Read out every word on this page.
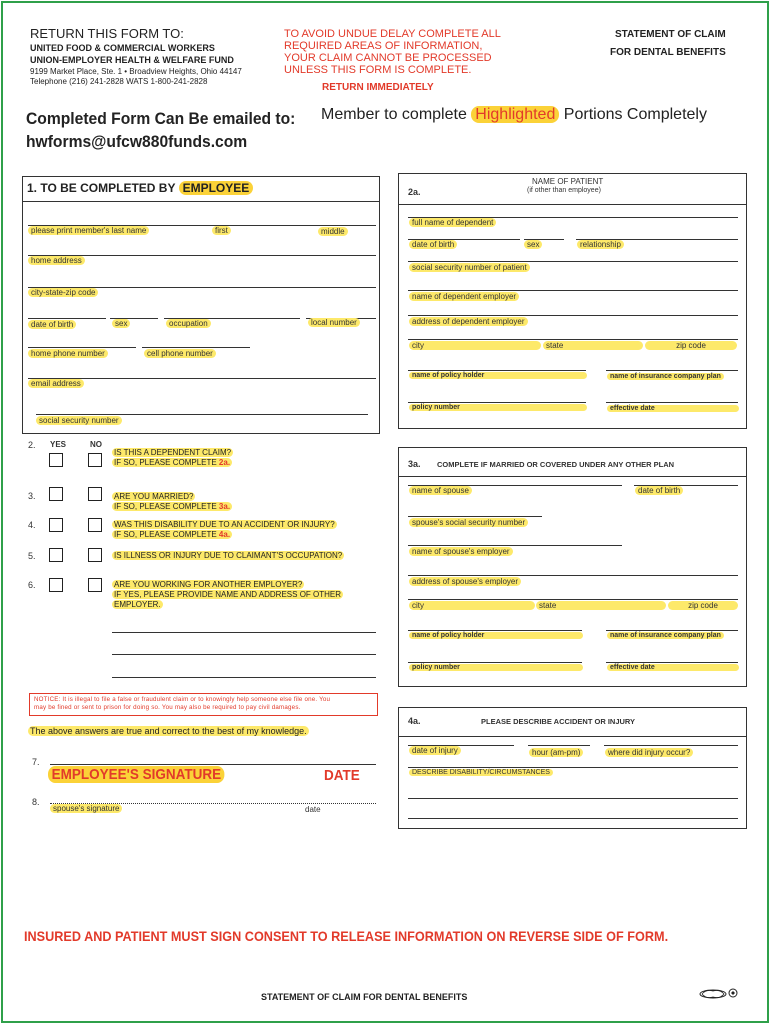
RETURN THIS FORM TO:
UNITED FOOD & COMMERCIAL WORKERS
UNION-EMPLOYER HEALTH & WELFARE FUND
9199 Market Place, Ste. 1 • Broadview Heights, Ohio 44147
Telephone (216) 241-2828 WATS 1-800-241-2828
TO AVOID UNDUE DELAY COMPLETE ALL
REQUIRED AREAS OF INFORMATION,
YOUR CLAIM CANNOT BE PROCESSED
UNLESS THIS FORM IS COMPLETE.
RETURN IMMEDIATELY
STATEMENT OF CLAIM
FOR DENTAL BENEFITS
Completed Form Can Be emailed to:
hwforms@ufcw880funds.com
Member to complete Highlighted Portions Completely
1. TO BE COMPLETED BY EMPLOYEE
please print member's last name	first	middle
home address
city-state-zip code
date of birth	sex	occupation	local number
home phone number	cell phone number
email address
social security number
YES	NO
2.
IS THIS A DEPENDENT CLAIM?
IF SO, PLEASE COMPLETE 2a.
3.	ARE YOU MARRIED?
IF SO, PLEASE COMPLETE 3a.
4.	WAS THIS DISABILITY DUE TO AN ACCIDENT OR INJURY?
IF SO, PLEASE COMPLETE 4a.
5.	IS ILLNESS OR INJURY DUE TO CLAIMANT'S OCCUPATION?
6.	ARE YOU WORKING FOR ANOTHER EMPLOYER?
IF YES, PLEASE PROVIDE NAME AND ADDRESS OF OTHER
EMPLOYER.
NOTICE: It is illegal to file a false or fraudulent claim or to knowingly help someone else file one. You
may be fined or sent to prison for doing so. You may also be required to pay civil damages.
The above answers are true and correct to the best of my knowledge.
7.
EMPLOYEE'S SIGNATURE	DATE
8.
spouse's signature	date
2a.
NAME OF PATIENT
(if other than employee)
full name of dependent
date of birth	sex	relationship
social security number of patient
name of dependent employer
address of dependent employer
city	state	zip code
name of policy holder	name of insurance company plan
policy number	effective date
3a. COMPLETE IF MARRIED OR COVERED UNDER ANY OTHER PLAN
name of spouse	date of birth
spouse's social security number
name of spouse's employer
address of spouse's employer
city	state	zip code
name of policy holder	name of insurance company plan
policy number	effective date
4a.	PLEASE DESCRIBE ACCIDENT OR INJURY
date of injury	hour (am-pm)	where did injury occur?
DESCRIBE DISABILITY/CIRCUMSTANCES
INSURED AND PATIENT MUST SIGN CONSENT TO RELEASE INFORMATION ON REVERSE SIDE OF FORM.
STATEMENT OF CLAIM FOR DENTAL BENEFITS
